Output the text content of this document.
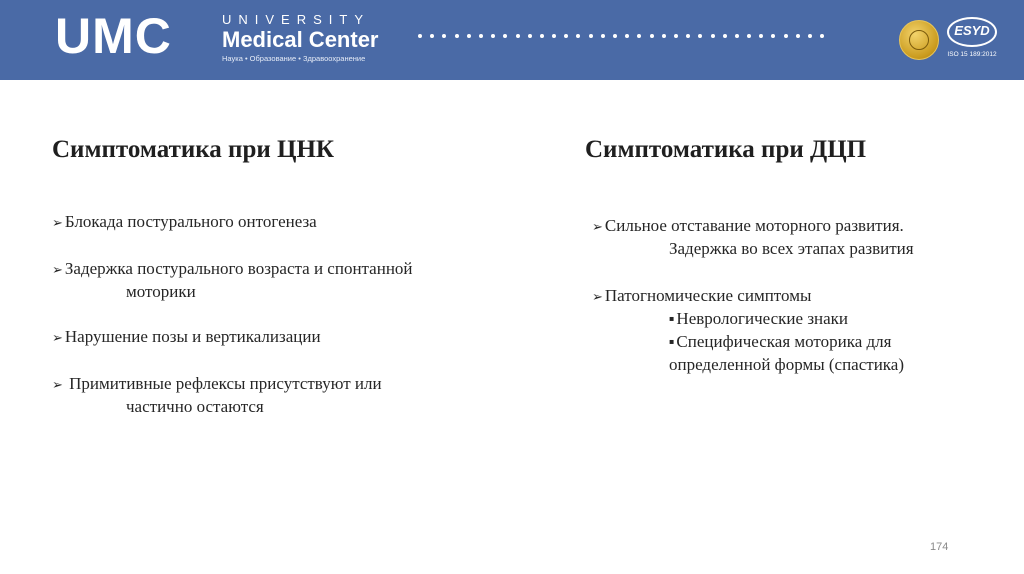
UMC	UNIVERSITY
Medical Center
Наука • Образование • Здравоохранение
ESYD
ISO 15 189:2012
Симптоматика при ЦНК
➢ Блокада постурального онтогенеза
➢ Задержка постурального возраста и спонтанной
моторики
➢ Нарушение позы и вертикализации
➢ Примитивные рефлексы присутствуют или
частично остаются
Симптоматика при ДЦП
➢ Сильное отставание моторного развития.
Задержка во всех этапах развития
➢ Патогномические симптомы
▪ Неврологические знаки
▪ Специфическая моторика для
определенной формы (спастика)
174
